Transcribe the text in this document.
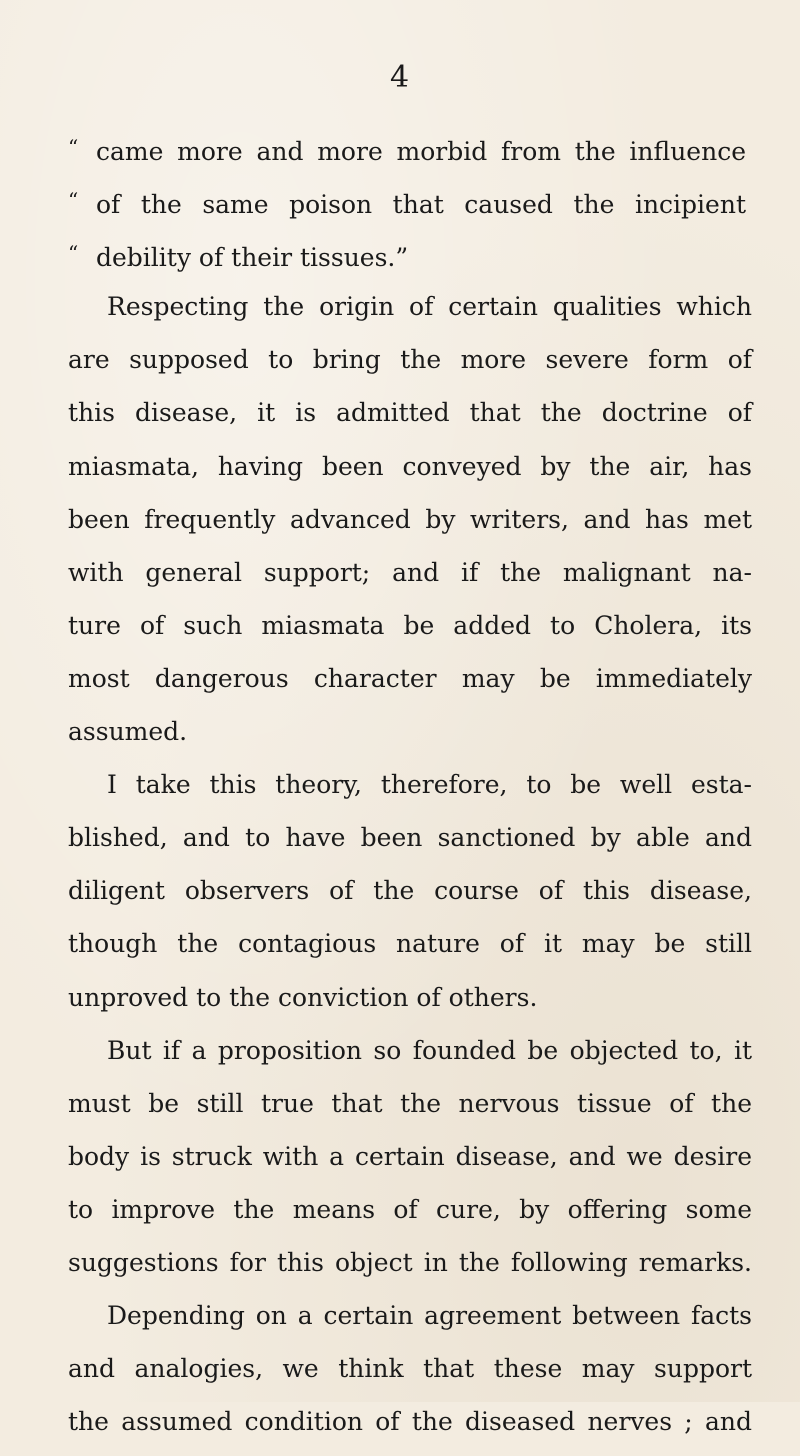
4
“ came more and more morbid from the influence
“ of the same poison that caused the incipient
“ debility of their tissues.”
Respecting the origin of certain qualities which
are supposed to bring the more severe form of
this disease, it is admitted that the doctrine of
miasmata, having been conveyed by the air, has
been frequently advanced by writers, and has met
with general support; and if the malignant na-
ture of such miasmata be added to Cholera, its
most dangerous character may be immediately
assumed.
I take this theory, therefore, to be well esta-
blished, and to have been sanctioned by able and
diligent observers of the course of this disease,
though the contagious nature of it may be still
unproved to the conviction of others.
But if a proposition so founded be objected to, it
must be still true that the nervous tissue of the
body is struck with a certain disease, and we desire
to improve the means of cure, by offering some
suggestions for this object in the following remarks.
Depending on a certain agreement between facts
and analogies, we think that these may support
the assumed condition of the diseased nerves ; and
